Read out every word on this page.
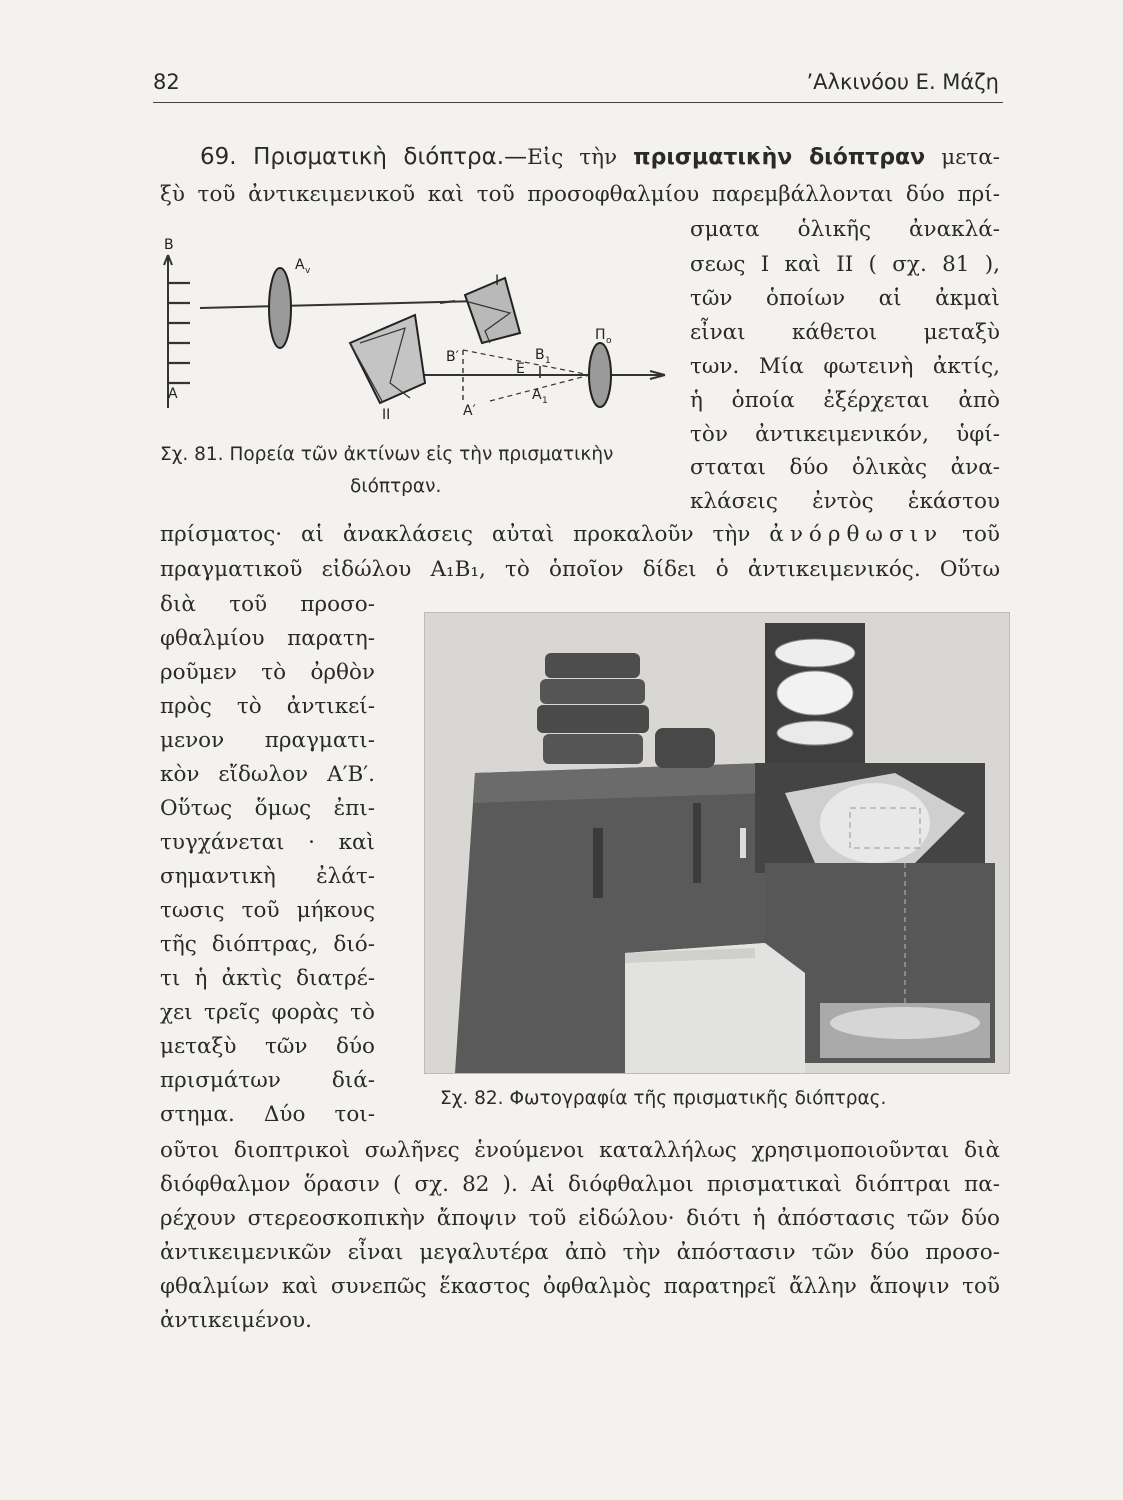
82	’Αλκινόου Ε. Μάζη
69. Πρισματικὴ διόπτρα.—Εἰς τὴν πρισματικὴν διόπτραν μετα-
ξὺ τοῦ ἀντικειμενικοῦ καὶ τοῦ προσοφθαλμίου παρεμβάλλονται δύο πρί-
σματα ὁλικῆς ἀνακλά-
σεως I καὶ II ( σχ. 81 ),
τῶν ὁποίων αἱ ἀκμαὶ
εἶναι κάθετοι μεταξὺ
των. Μία φωτεινὴ ἀκτίς,
ἡ ὁποία ἐξέρχεται ἀπὸ
τὸν ἀντικειμενικόν, ὑφί-
σταται δύο ὁλικὰς ἀνα-
κλάσεις ἐντὸς ἑκάστου
B
A
A v
I
II
Π o
B′
A′
E
B 1
A 1
Σχ. 81. Πορεία τῶν ἀκτίνων εἰς τὴν πρισματικὴν
διόπτραν.
πρίσματος· αἱ ἀνακλάσεις αὐταὶ προκαλοῦν τὴν ἀνόρθωσιν τοῦ
πραγματικοῦ εἰδώλου A₁B₁, τὸ ὁποῖον δίδει ὁ ἀντικειμενικός. Οὕτω
διὰ τοῦ προσο-
φθαλμίου παρατη-
ροῦμεν τὸ ὀρθὸν
πρὸς τὸ ἀντικεί-
μενον πραγματι-
κὸν εἴδωλον A′B′.
Οὕτως ὅμως ἐπι-
τυγχάνεται · καὶ
σημαντικὴ ἐλάτ-
τωσις τοῦ μήκους
τῆς διόπτρας, διό-
τι ἡ ἀκτὶς διατρέ-
χει τρεῖς φορὰς τὸ
μεταξὺ τῶν δύο
πρισμάτων διά-
στημα. Δύο τοι-
Σχ. 82. Φωτογραφία τῆς πρισματικῆς διόπτρας.
οῦτοι διοπτρικοὶ σωλῆνες ἑνούμενοι καταλλήλως χρησιμοποιοῦνται διὰ
διόφθαλμον ὅρασιν ( σχ. 82 ). Αἱ διόφθαλμοι πρισματικαὶ διόπτραι πα-
ρέχουν στερεοσκοπικὴν ἄποψιν τοῦ εἰδώλου· διότι ἡ ἀπόστασις τῶν δύο
ἀντικειμενικῶν εἶναι μεγαλυτέρα ἀπὸ τὴν ἀπόστασιν τῶν δύο προσο-
φθαλμίων καὶ συνεπῶς ἕκαστος ὀφθαλμὸς παρατηρεῖ ἄλλην ἄποψιν τοῦ
ἀντικειμένου.
